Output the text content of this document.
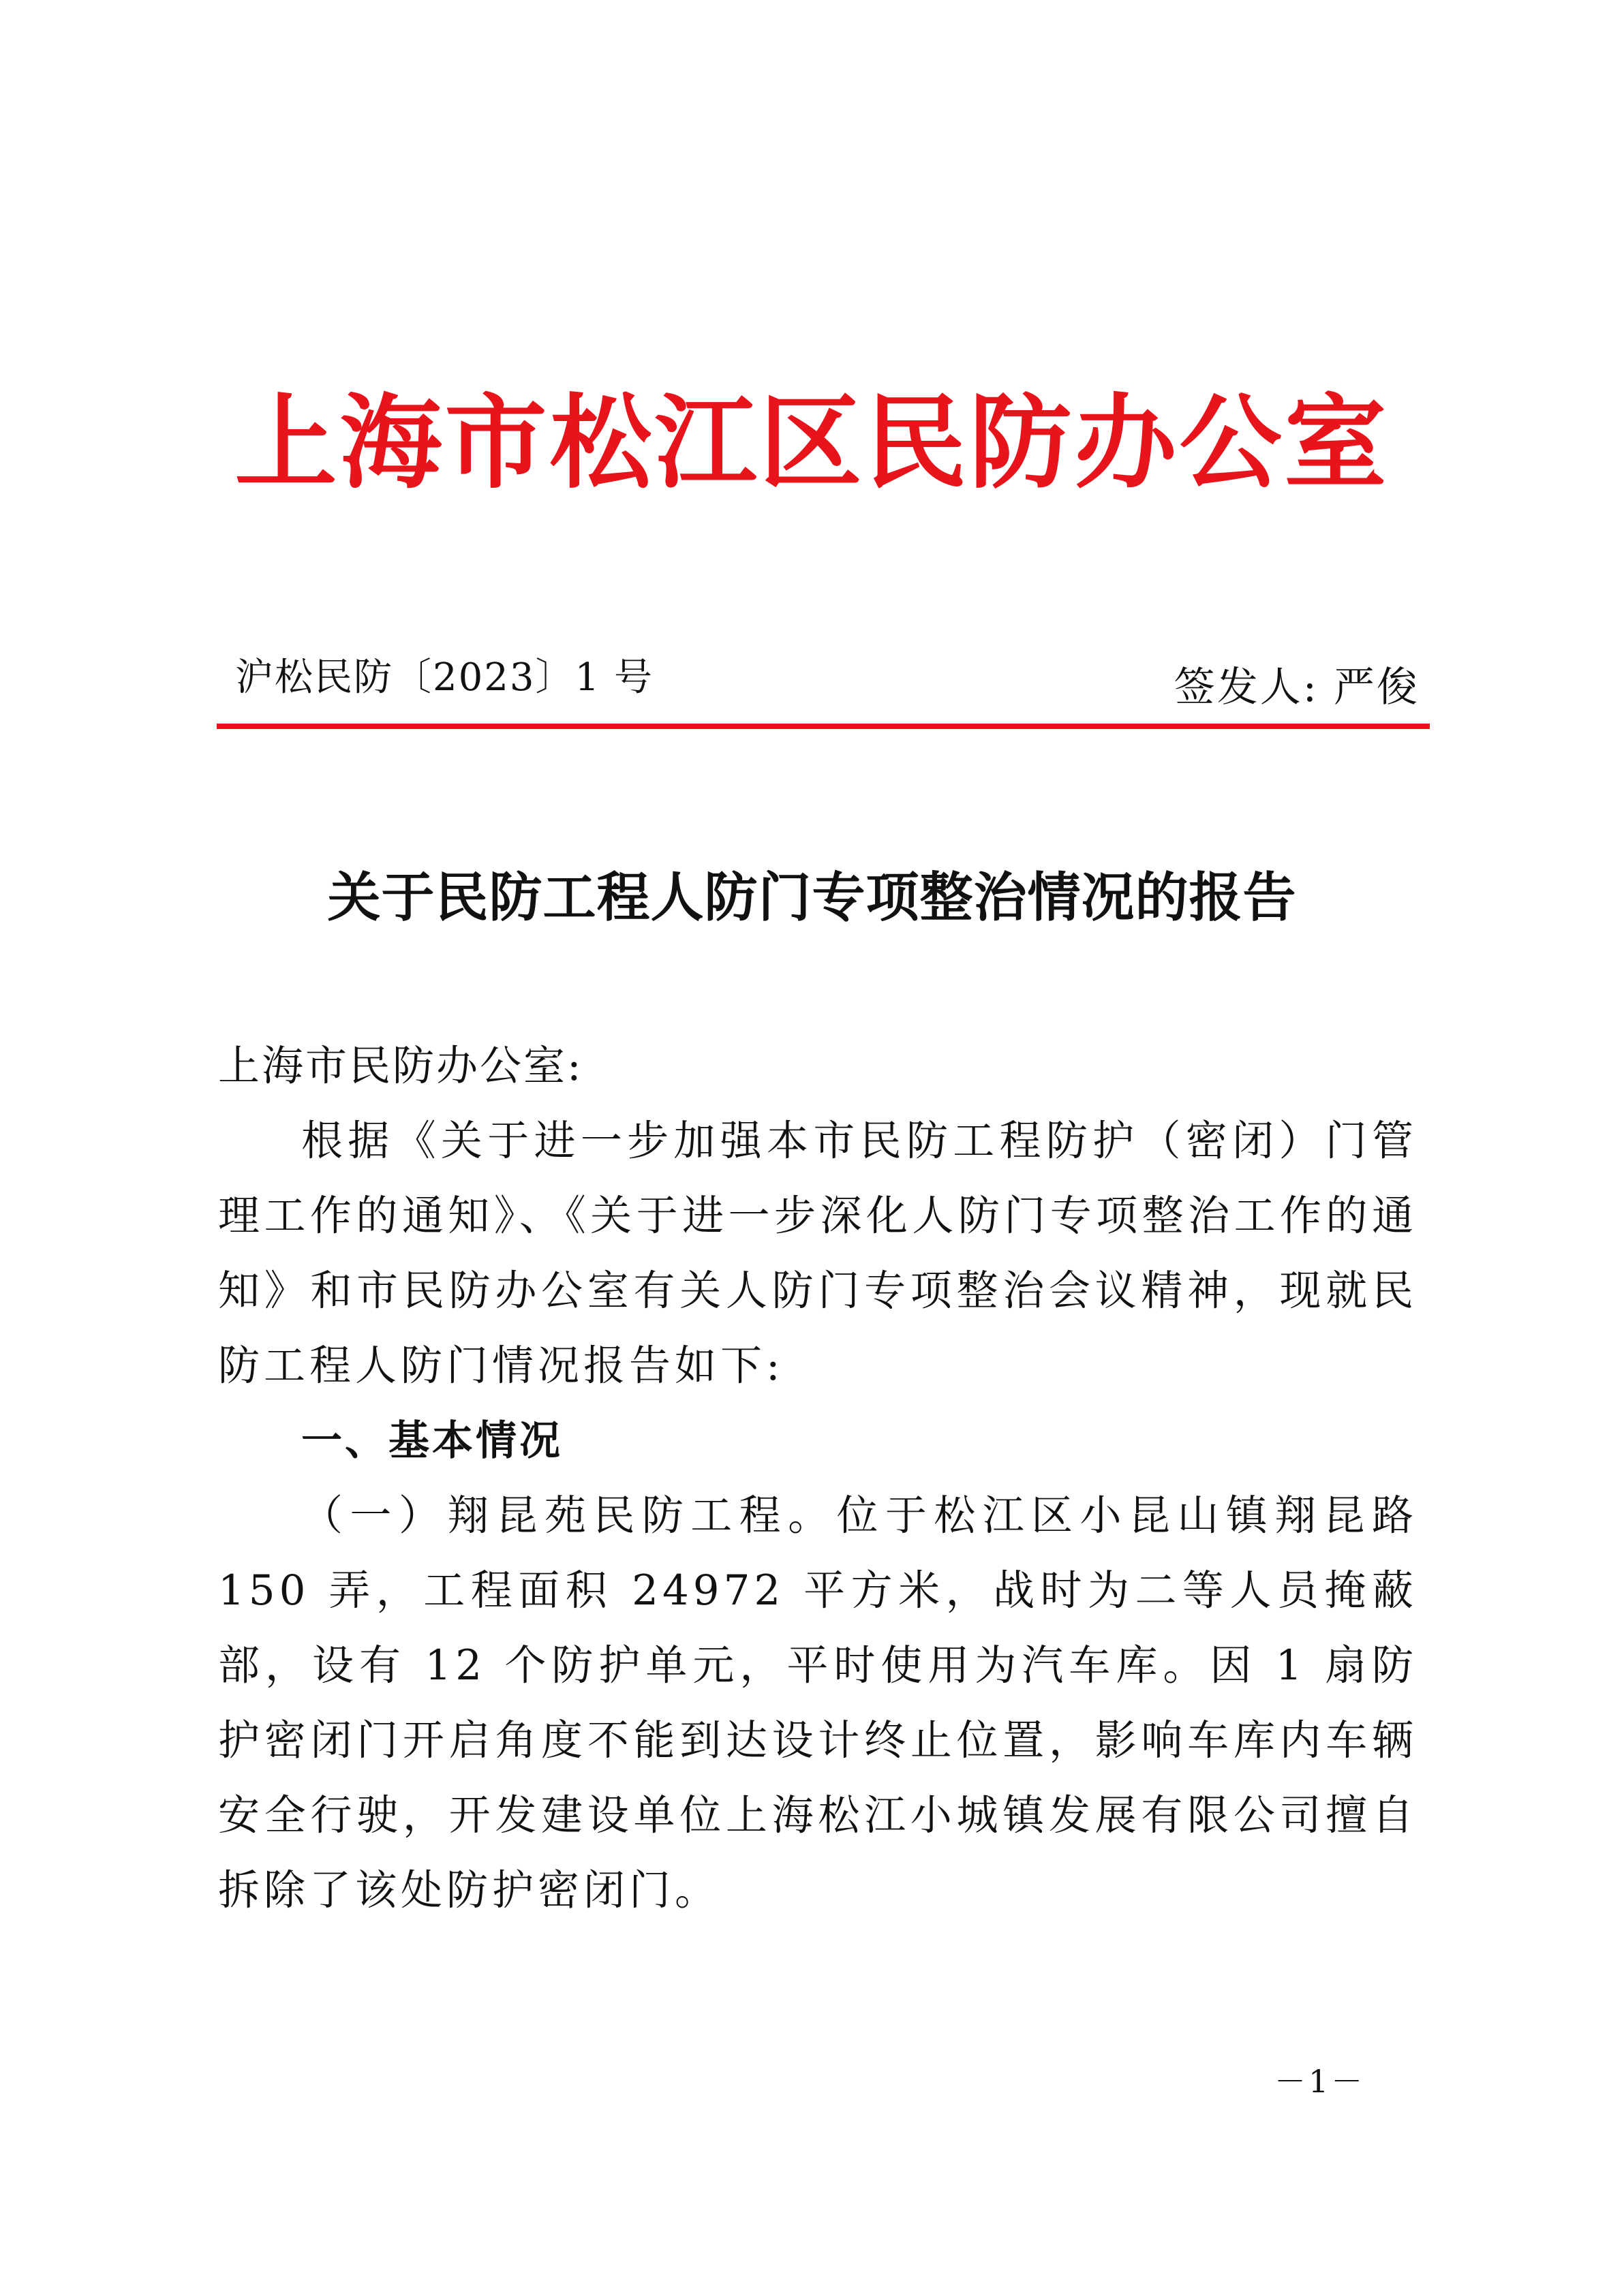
上海市松江区民防办公室
沪松民防〔2023〕1 号	签发人: 严俊
关于民防工程人防门专项整治情况的报告

上海市民防办公室:

根据《关于进一步加强本市民防工程防护（密闭）门管理工作的通知》、《关于进一步深化人防门专项整治工作的通知》和市民防办公室有关人防门专项整治会议精神，现就民防工程人防门情况报告如下:

一、基本情况

（一）翔昆苑民防工程。位于松江区小昆山镇翔昆路 150 弄，工程面积 24972 平方米，战时为二等人员掩蔽部，设有 12 个防护单元，平时使用为汽车库。因 1 扇防护密闭门开启角度不能到达设计终止位置，影响车库内车辆安全行驶，开发建设单位上海松江小城镇发展有限公司擅自拆除了该处防护密闭门。

－1－
